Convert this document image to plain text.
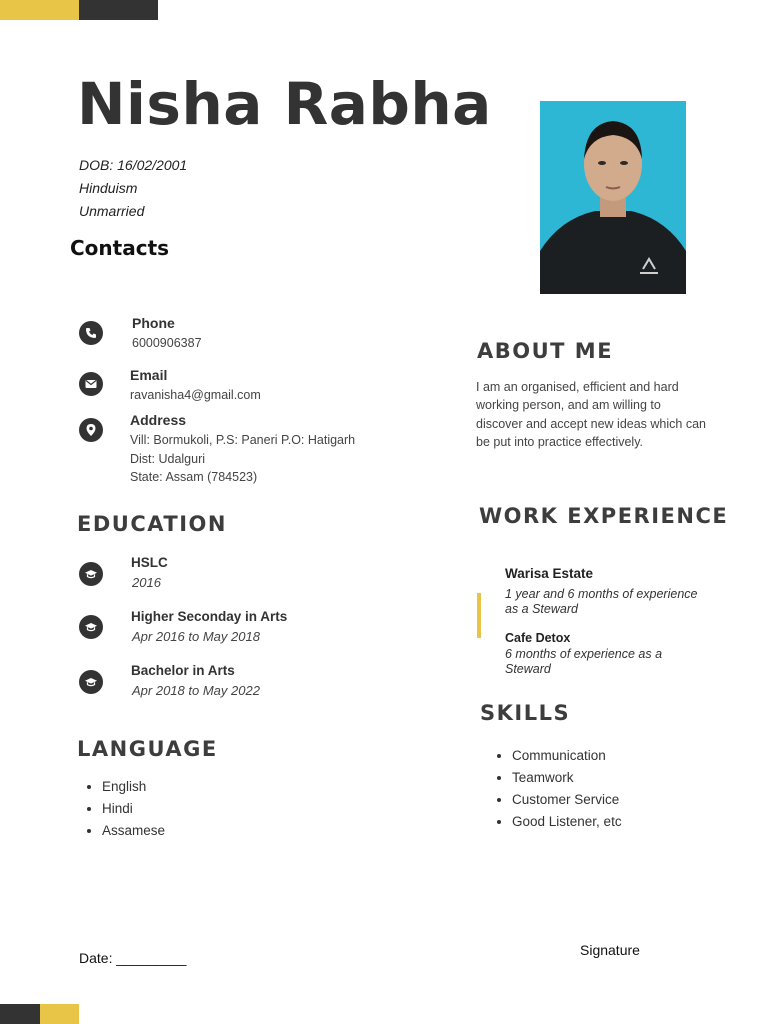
Nisha Rabha
DOB: 16/02/2001
Hinduism
Unmarried
Contacts
Phone
6000906387
Email
ravanisha4@gmail.com
Address
Vill: Bormukoli, P.S: Paneri P.O: Hatigarh
Dist: Udalguri
State: Assam (784523)
EDUCATION
HSLC
2016
Higher Seconday in Arts
Apr 2016 to May 2018
Bachelor in Arts
Apr 2018 to May 2022
LANGUAGE
• English
• Hindi
• Assamese
ABOUT ME
I am an organised, efficient and hard working person, and am willing to discover and accept new ideas which can be put into practice effectively.
WORK EXPERIENCE
Warisa Estate
1 year and 6 months of experience as a Steward
Cafe Detox
6 months of experience as a Steward
SKILLS
• Communication
• Teamwork
• Customer Service
• Good Listener, etc
Date: _________	Signature
